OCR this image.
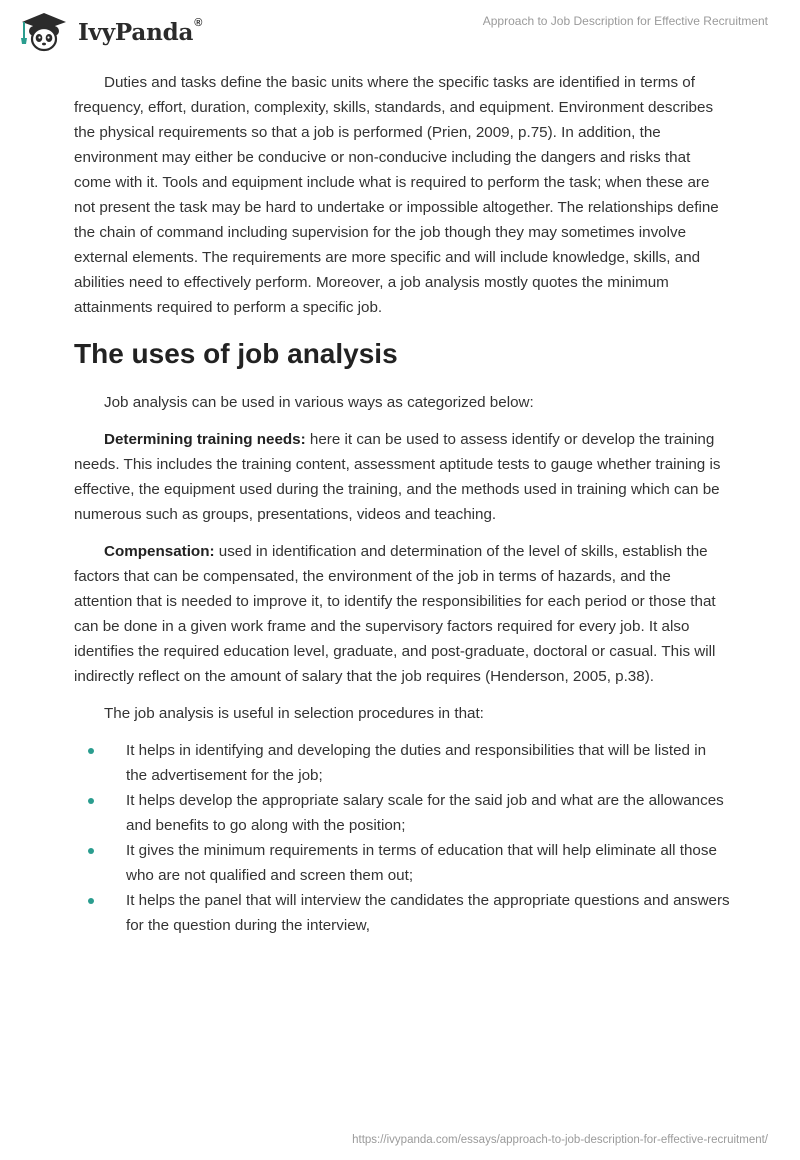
IvyPanda®	Approach to Job Description for Effective Recruitment

Duties and tasks define the basic units where the specific tasks are identified in terms of frequency, effort, duration, complexity, skills, standards, and equipment. Environment describes the physical requirements so that a job is performed (Prien, 2009, p.75). In addition, the environment may either be conducive or non-conducive including the dangers and risks that come with it. Tools and equipment include what is required to perform the task; when these are not present the task may be hard to undertake or impossible altogether. The relationships define the chain of command including supervision for the job though they may sometimes involve external elements. The requirements are more specific and will include knowledge, skills, and abilities need to effectively perform. Moreover, a job analysis mostly quotes the minimum attainments required to perform a specific job.

The uses of job analysis

Job analysis can be used in various ways as categorized below:

Determining training needs: here it can be used to assess identify or develop the training needs. This includes the training content, assessment aptitude tests to gauge whether training is effective, the equipment used during the training, and the methods used in training which can be numerous such as groups, presentations, videos and teaching.

Compensation: used in identification and determination of the level of skills, establish the factors that can be compensated, the environment of the job in terms of hazards, and the attention that is needed to improve it, to identify the responsibilities for each period or those that can be done in a given work frame and the supervisory factors required for every job. It also identifies the required education level, graduate, and post-graduate, doctoral or casual. This will indirectly reflect on the amount of salary that the job requires (Henderson, 2005, p.38).

The job analysis is useful in selection procedures in that:

It helps in identifying and developing the duties and responsibilities that will be listed in the advertisement for the job;
It helps develop the appropriate salary scale for the said job and what are the allowances and benefits to go along with the position;
It gives the minimum requirements in terms of education that will help eliminate all those who are not qualified and screen them out;
It helps the panel that will interview the candidates the appropriate questions and answers for the question during the interview,
https://ivypanda.com/essays/approach-to-job-description-for-effective-recruitment/
